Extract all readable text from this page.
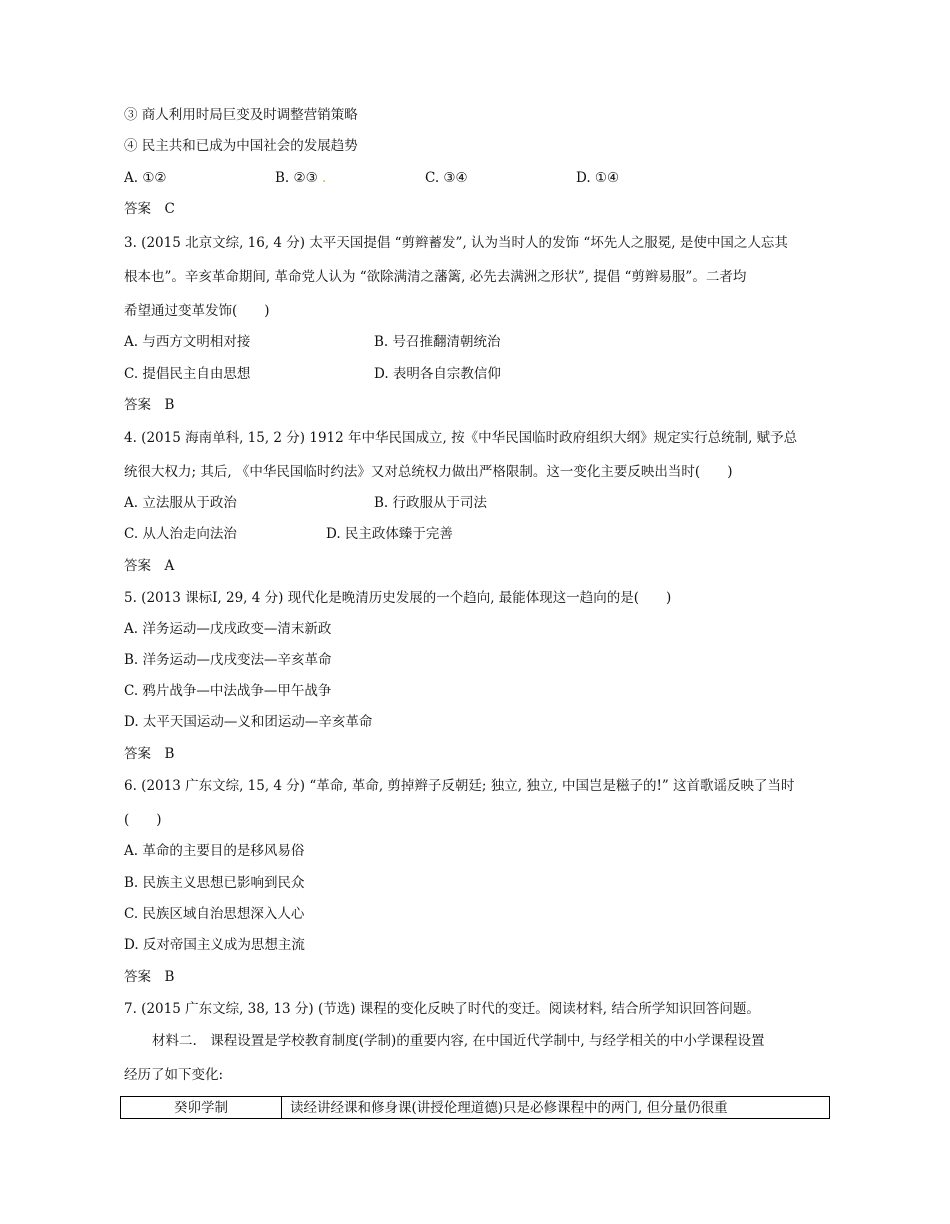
③ 商人利用时局巨变及时调整营销策略
④ 民主共和已成为中国社会的发展趋势
A. ①②	B. ②③ .	C. ③④	D. ①④
答案　C
3. (2015 北京文综, 16, 4 分) 太平天国提倡 “剪辫蓄发”, 认为当时人的发饰 “坏先人之服冕, 是使中国之人忘其
根本也”。辛亥革命期间, 革命党人认为 “欲除满清之藩篱, 必先去满洲之形状”, 提倡 “剪辫易服”。二者均
希望通过变革发饰(　　)
A. 与西方文明相对接	B. 号召推翻清朝统治
C. 提倡民主自由思想	D. 表明各自宗教信仰
答案　B
4. (2015 海南单科, 15, 2 分) 1912 年中华民国成立, 按《中华民国临时政府组织大纲》规定实行总统制, 赋予总
统很大权力; 其后, 《中华民国临时约法》又对总统权力做出严格限制。这一变化主要反映出当时(　　)
A. 立法服从于政治	B. 行政服从于司法
C. 从人治走向法治	D. 民主政体臻于完善
答案　A
5. (2013 课标Ⅰ, 29, 4 分) 现代化是晚清历史发展的一个趋向, 最能体现这一趋向的是(　　)
A. 洋务运动—戊戌政变—清末新政
B. 洋务运动—戊戌变法—辛亥革命
C. 鸦片战争—中法战争—甲午战争
D. 太平天国运动—义和团运动—辛亥革命
答案　B
6. (2013 广东文综, 15, 4 分) “革命, 革命, 剪掉辫子反朝廷; 独立, 独立, 中国岂是糍子的!” 这首歌谣反映了当时
(　　)
A. 革命的主要目的是移风易俗
B. 民族主义思想已影响到民众
C. 民族区域自治思想深入人心
D. 反对帝国主义成为思想主流
答案　B
7. (2015 广东文综, 38, 13 分) (节选) 课程的变化反映了时代的变迁。阅读材料, 结合所学知识回答问题。
材料二.　课程设置是学校教育制度(学制)的重要内容, 在中国近代学制中, 与经学相关的中小学课程设置
经历了如下变化:
癸卯学制	读经讲经课和修身课(讲授伦理道德)只是必修课程中的两门, 但分量仍很重
